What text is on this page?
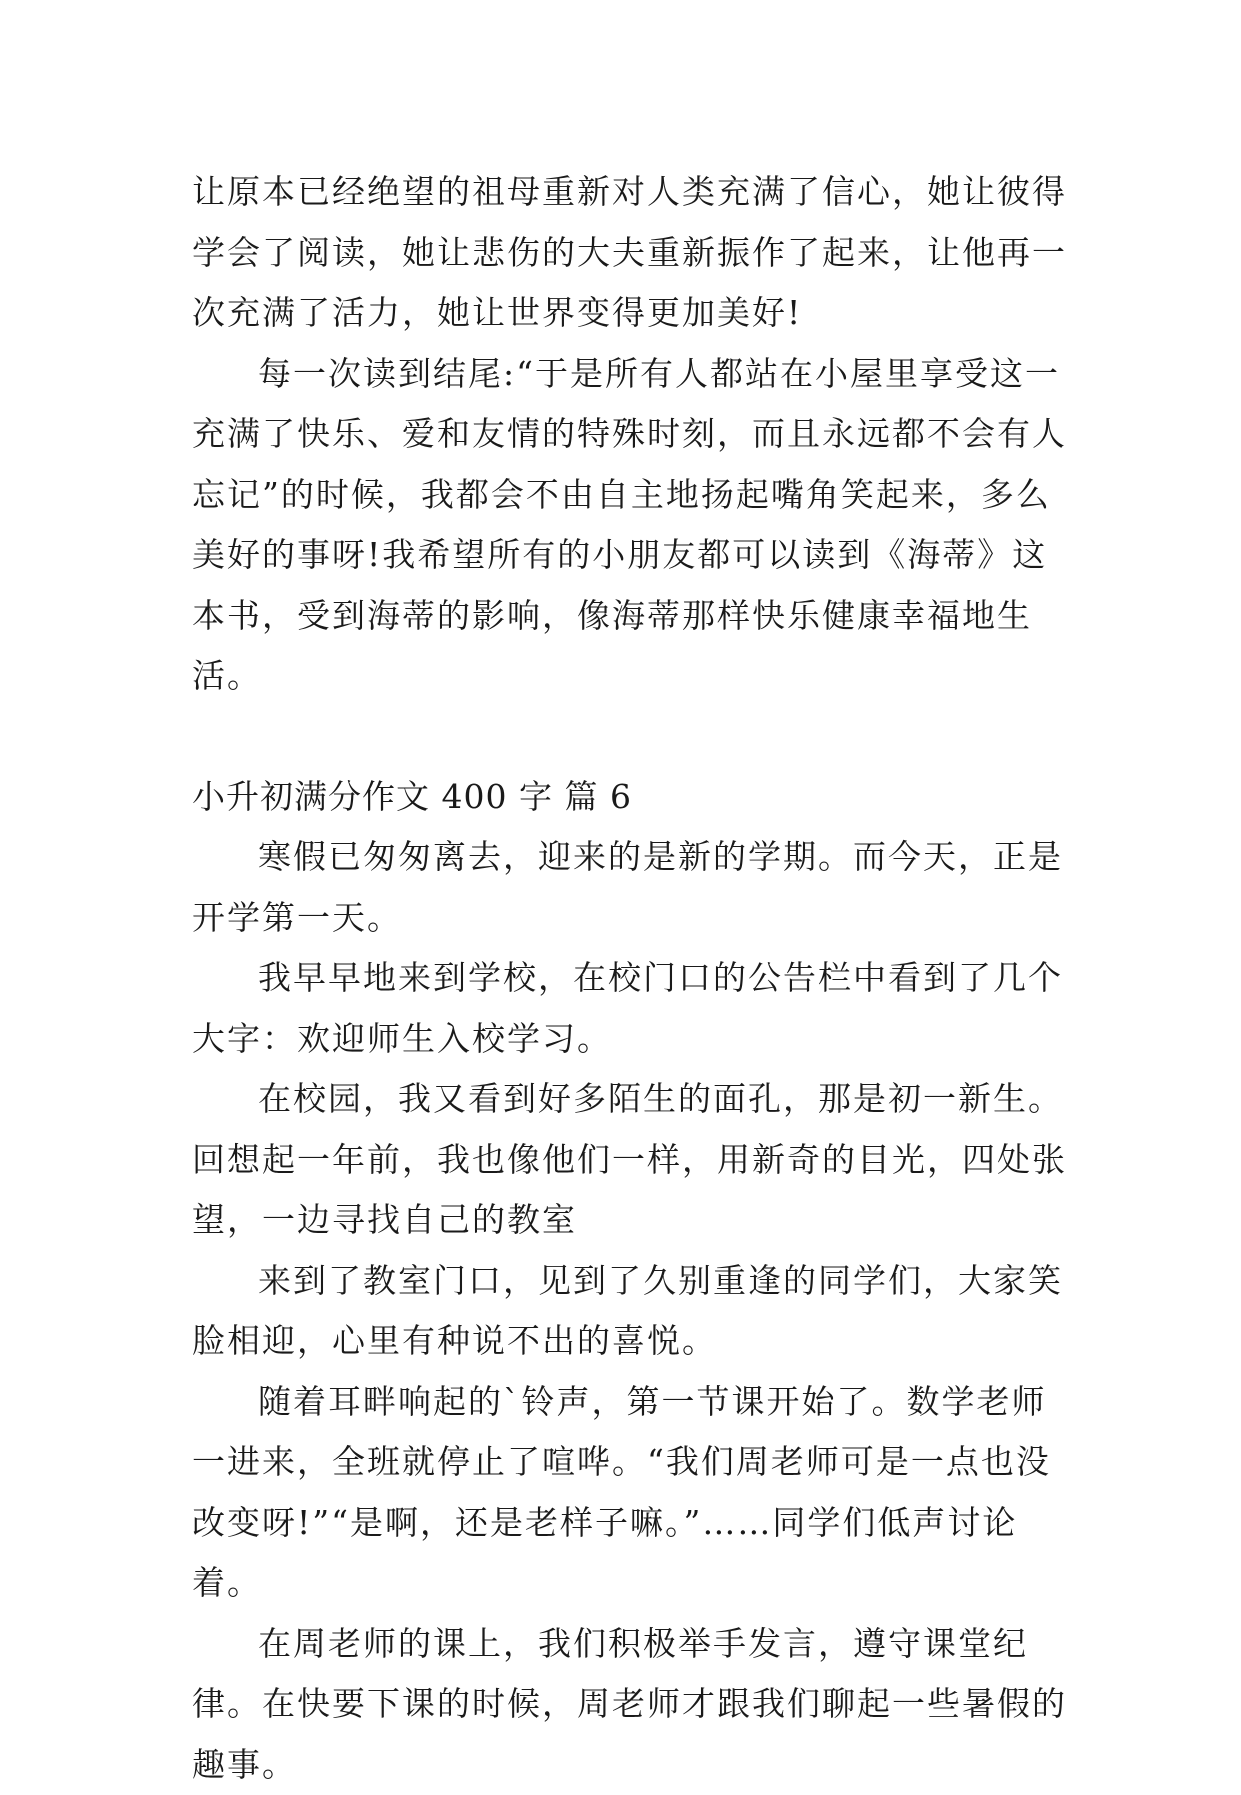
让原本已经绝望的祖母重新对人类充满了信心，她让彼得学会了阅读，她让悲伤的大夫重新振作了起来，让他再一次充满了活力，她让世界变得更加美好!

每一次读到结尾:“于是所有人都站在小屋里享受这一充满了快乐、爱和友情的特殊时刻，而且永远都不会有人忘记”的时候，我都会不由自主地扬起嘴角笑起来，多么美好的事呀!我希望所有的小朋友都可以读到《海蒂》这本书，受到海蒂的影响，像海蒂那样快乐健康幸福地生活。

小升初满分作文 400 字 篇 6

寒假已匆匆离去，迎来的是新的学期。而今天，正是开学第一天。

我早早地来到学校，在校门口的公告栏中看到了几个大字：欢迎师生入校学习。

在校园，我又看到好多陌生的面孔，那是初一新生。回想起一年前，我也像他们一样，用新奇的目光，四处张望，一边寻找自己的教室

来到了教室门口，见到了久别重逢的同学们，大家笑脸相迎，心里有种说不出的喜悦。

随着耳畔响起的`铃声，第一节课开始了。数学老师一进来，全班就停止了喧哗。“我们周老师可是一点也没改变呀!”“是啊，还是老样子嘛。”……同学们低声讨论着。

在周老师的课上，我们积极举手发言，遵守课堂纪律。在快要下课的时候，周老师才跟我们聊起一些暑假的趣事。
